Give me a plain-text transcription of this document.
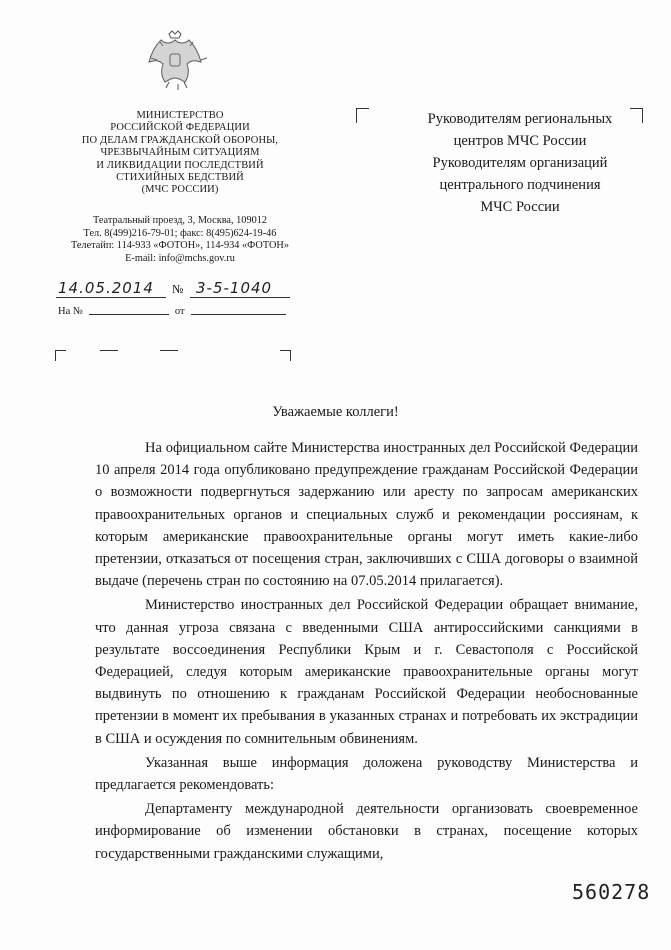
МИНИСТЕРСТВО
РОССИЙСКОЙ ФЕДЕРАЦИИ
ПО ДЕЛАМ ГРАЖДАНСКОЙ ОБОРОНЫ,
ЧРЕЗВЫЧАЙНЫМ СИТУАЦИЯМ
И ЛИКВИДАЦИИ ПОСЛЕДСТВИЙ
СТИХИЙНЫХ БЕДСТВИЙ
(МЧС РОССИИ)
Театральный проезд, 3, Москва, 109012
Тел. 8(499)216-79-01; факс: 8(495)624-19-46
Телетайп: 114-933 «ФОТОН», 114-934 «ФОТОН»
E-mail: info@mchs.gov.ru
14.05.2014 № 3-5-1040
На №	от
Руководителям региональных
центров МЧС России
Руководителям организаций
центрального подчинения
МЧС России
Уважаемые коллеги!

На официальном сайте Министерства иностранных дел Российской Федерации 10 апреля 2014 года опубликовано предупреждение гражданам Российской Федерации о возможности подвергнуться задержанию или аресту по запросам американских правоохранительных органов и специальных служб и рекомендации россиянам, к которым американские правоохранительные органы могут иметь какие-либо претензии, отказаться от посещения стран, заключивших с США договоры о взаимной выдаче (перечень стран по состоянию на 07.05.2014 прилагается).

Министерство иностранных дел Российской Федерации обращает внимание, что данная угроза связана с введенными США антироссийскими санкциями в результате воссоединения Республики Крым и г. Севастополя с Российской Федерацией, следуя которым американские правоохранительные органы могут выдвинуть по отношению к гражданам Российской Федерации необоснованные претензии в момент их пребывания в указанных странах и потребовать их экстрадиции в США и осуждения по сомнительным обвинениям.

Указанная выше информация доложена руководству Министерства и предлагается рекомендовать:

Департаменту международной деятельности организовать своевременное информирование об изменении обстановки в странах, посещение которых государственными гражданскими служащими,

560278
